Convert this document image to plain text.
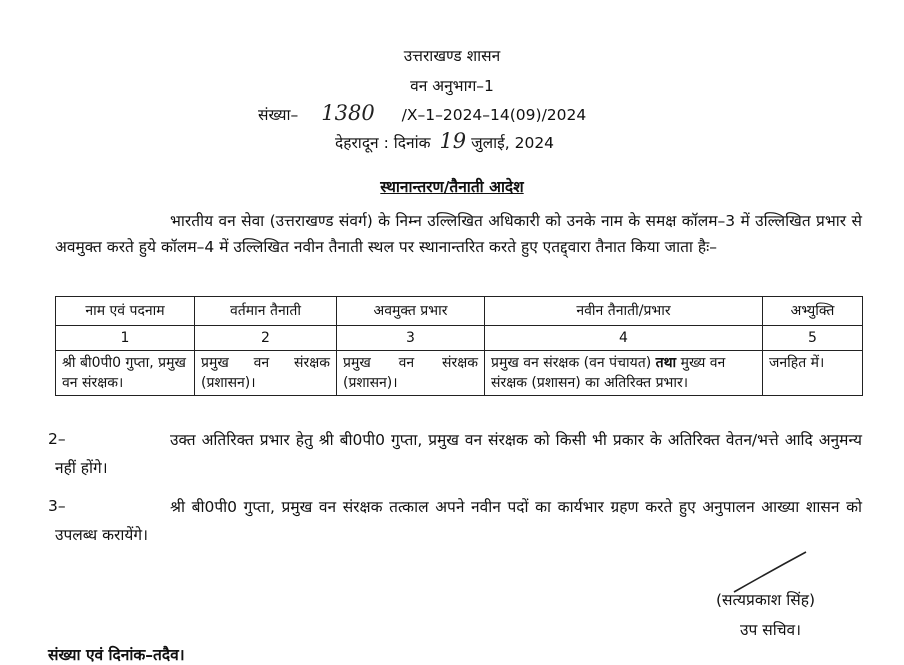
उत्तराखण्ड शासन
वन अनुभाग–1
संख्या– 1380 /X–1–2024–14(09)/2024
देहरादून : दिनांक 19 जुलाई, 2024
स्थानान्तरण/तैनाती आदेश
भारतीय वन सेवा (उत्तराखण्ड संवर्ग) के निम्न उल्लिखित अधिकारी को उनके नाम के समक्ष कॉलम–3 में उल्लिखित प्रभार से अवमुक्त करते हुये कॉलम–4 में उल्लिखित नवीन तैनाती स्थल पर स्थानान्तरित करते हुए एतद्द्वारा तैनात किया जाता हैः–
नाम एवं पदनाम	वर्तमान तैनाती	अवमुक्त प्रभार	नवीन तैनाती/प्रभार	अभ्युक्ति
1	2	3	4	5
श्री बी0पी0 गुप्ता, प्रमुख वन संरक्षक।	प्रमुख वन संरक्षक (प्रशासन)।	प्रमुख वन संरक्षक (प्रशासन)।	प्रमुख वन संरक्षक (वन पंचायत) तथा मुख्य वन संरक्षक (प्रशासन) का अतिरिक्त प्रभार।	जनहित में।
2–	उक्त अतिरिक्त प्रभार हेतु श्री बी0पी0 गुप्ता, प्रमुख वन संरक्षक को किसी भी प्रकार के अतिरिक्त वेतन/भत्ते आदि अनुमन्य नहीं होंगे।
3–	श्री बी0पी0 गुप्ता, प्रमुख वन संरक्षक तत्काल अपने नवीन पदों का कार्यभार ग्रहण करते हुए अनुपालन आख्या शासन को उपलब्ध करायेंगे।
(सत्यप्रकाश सिंह)
उप सचिव।
संख्या एवं दिनांक–तदैव।
